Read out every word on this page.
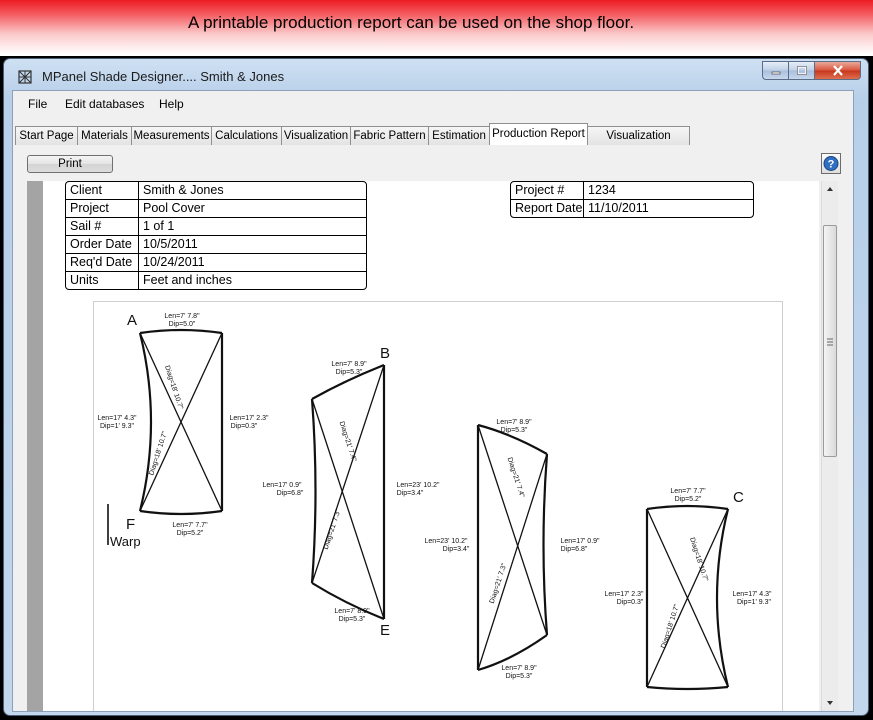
A printable production report can be used on the shop floor.
MPanel Shade Designer.... Smith & Jones
File Edit databases Help
Start Page Materials Measurements Calculations Visualization Fabric Pattern Estimation Production Report	Visualization
Print	?
Client	Smith & Jones
Project	Pool Cover
Sail #	1 of 1
Order Date	10/5/2011
Req'd Date	10/24/2011
Units	Feet and inches
Project #	1234
Report Date	11/10/2011
A
F
B
E
C
Warp
Len=7' 7.8"
Dip=5.0"
Len=17' 4.3"
Dip=1' 9.3"
Len=17' 2.3"
Dip=0.3"
Len=7' 7.7"
Dip=5.2"
Diag=18' 10.7"
Diag=18' 10.7"
Len=7' 8.9"
Dip=5.3"
Len=17' 0.9"
Dip=6.8"
Len=23' 10.2"
Dip=3.4"
Len=7' 8.9"
Dip=5.3"
Diag=21' 7.4"
Diag=21' 7.3"
Len=7' 8.9"
Dip=5.3"
Len=23' 10.2"
Dip=3.4"
Len=17' 0.9"
Dip=6.8"
Len=7' 8.9"
Dip=5.3"
Diag=21' 7.4"
Diag=21' 7.3"
Len=7' 7.7"
Dip=5.2"
Len=17' 2.3"
Dip=0.3"
Len=17' 4.3"
Dip=1' 9.3"
Diag=18' 10.7"
Diag=18' 10.7"
